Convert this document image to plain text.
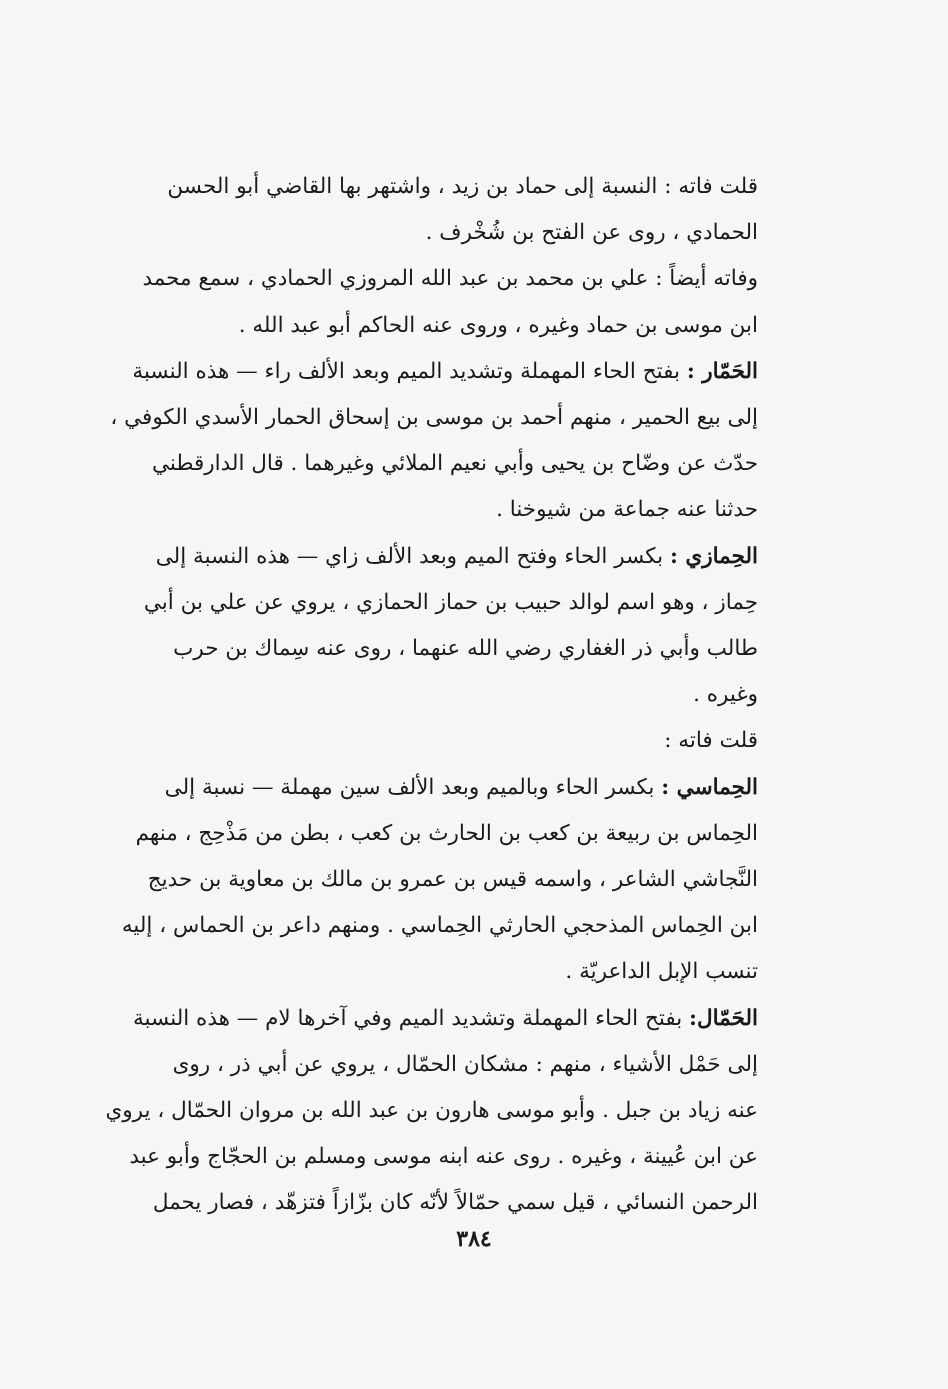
قلت فاته : النسبة إلى حماد بن زيد ، واشتهر بها القاضي أبو الحسن
الحمادي ، روى عن الفتح بن شُخْرف .

وفاته أيضاً : علي بن محمد بن عبد الله المروزي الحمادي ، سمع محمد
ابن موسى بن حماد وغيره ، وروى عنه الحاكم أبو عبد الله .

الحَمّار : بفتح الحاء المهملة وتشديد الميم وبعد الألف راء — هذه النسبة
إلى بيع الحمير ، منهم أحمد بن موسى بن إسحاق الحمار الأسدي الكوفي ،
حدّث عن وضّاح بن يحيى وأبي نعيم الملائي وغيرهما . قال الدارقطني
حدثنا عنه جماعة من شيوخنا .

الحِمازي : بكسر الحاء وفتح الميم وبعد الألف زاي — هذه النسبة إلى
حِماز ، وهو اسم لوالد حبيب بن حماز الحمازي ، يروي عن علي بن أبي
طالب وأبي ذر الغفاري رضي الله عنهما ، روى عنه سِماك بن حرب
وغيره .

قلت فاته :

الحِماسي : بكسر الحاء وبالميم وبعد الألف سين مهملة — نسبة إلى
الحِماس بن ربيعة بن كعب بن الحارث بن كعب ، بطن من مَذْحِج ، منهم
النَّجاشي الشاعر ، واسمه قيس بن عمرو بن مالك بن معاوية بن حديج
ابن الحِماس المذحجي الحارثي الحِماسي . ومنهم داعر بن الحماس ، إليه
تنسب الإبل الداعريّة .

الحَمّال: بفتح الحاء المهملة وتشديد الميم وفي آخرها لام — هذه النسبة
إلى حَمْل الأشياء ، منهم : مشكان الحمّال ، يروي عن أبي ذر ، روى
عنه زياد بن جبل . وأبو موسى هارون بن عبد الله بن مروان الحمّال ، يروي
عن ابن عُيينة ، وغيره . روى عنه ابنه موسى ومسلم بن الحجّاج وأبو عبد
الرحمن النسائي ، قيل سمي حمّالاً لأنّه كان بزّازاً فتزهّد ، فصار يحمل

٣٨٤
